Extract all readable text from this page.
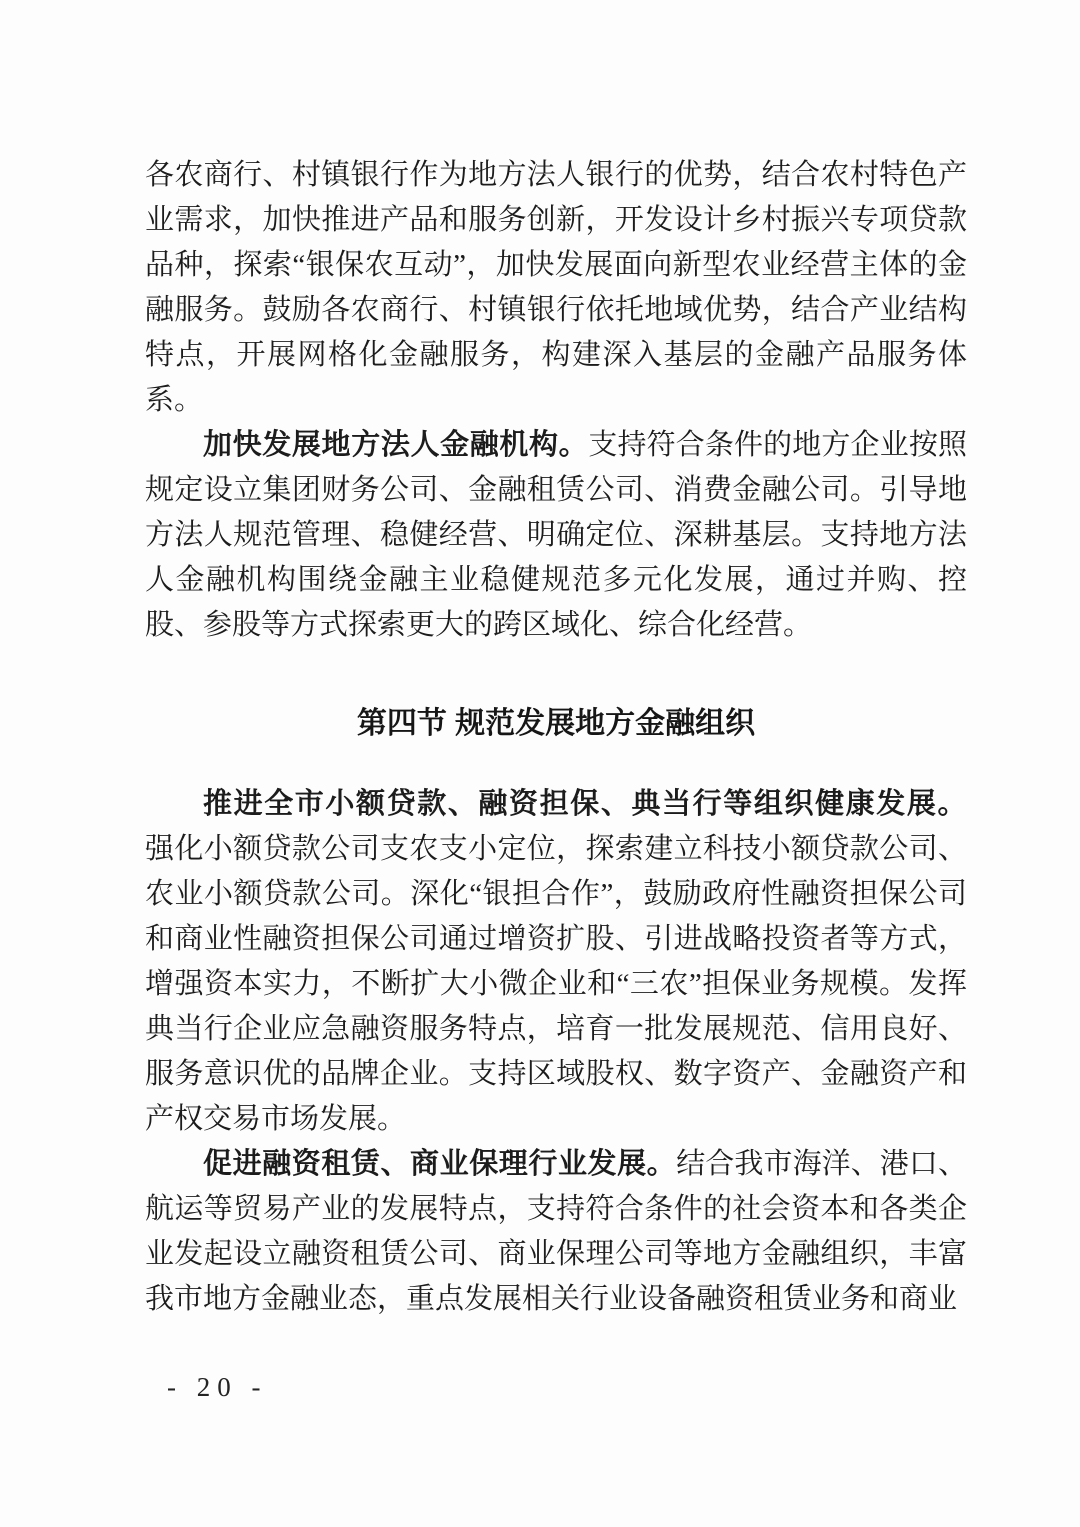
各农商行、村镇银行作为地方法人银行的优势，结合农村特色产业需求，加快推进产品和服务创新，开发设计乡村振兴专项贷款品种，探索“银保农互动”，加快发展面向新型农业经营主体的金融服务。鼓励各农商行、村镇银行依托地域优势，结合产业结构特点，开展网格化金融服务，构建深入基层的金融产品服务体系。

加快发展地方法人金融机构。支持符合条件的地方企业按照规定设立集团财务公司、金融租赁公司、消费金融公司。引导地方法人规范管理、稳健经营、明确定位、深耕基层。支持地方法人金融机构围绕金融主业稳健规范多元化发展，通过并购、控股、参股等方式探索更大的跨区域化、综合化经营。

第四节 规范发展地方金融组织

推进全市小额贷款、融资担保、典当行等组织健康发展。强化小额贷款公司支农支小定位，探索建立科技小额贷款公司、农业小额贷款公司。深化“银担合作”，鼓励政府性融资担保公司和商业性融资担保公司通过增资扩股、引进战略投资者等方式，增强资本实力，不断扩大小微企业和“三农”担保业务规模。发挥典当行企业应急融资服务特点，培育一批发展规范、信用良好、服务意识优的品牌企业。支持区域股权、数字资产、金融资产和产权交易市场发展。

促进融资租赁、商业保理行业发展。结合我市海洋、港口、航运等贸易产业的发展特点，支持符合条件的社会资本和各类企业发起设立融资租赁公司、商业保理公司等地方金融组织，丰富我市地方金融业态，重点发展相关行业设备融资租赁业务和商业

- 20 -
